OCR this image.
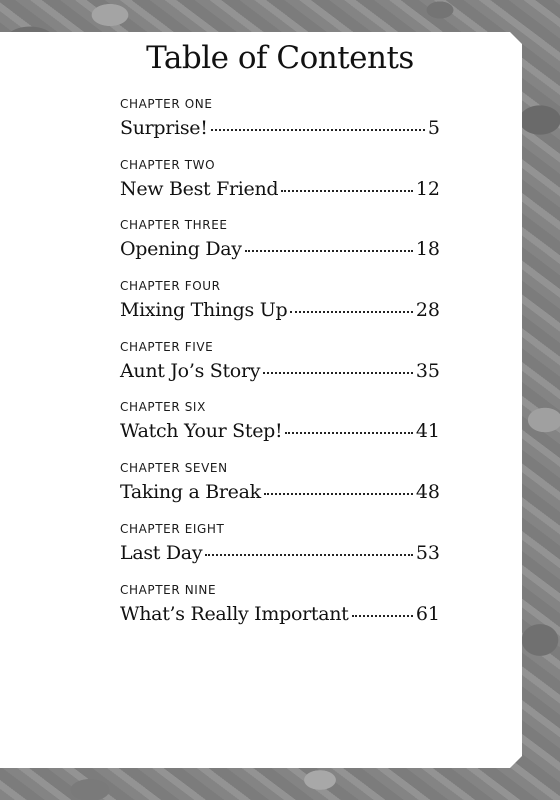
Table of Contents
CHAPTER ONE
Surprise!	5
CHAPTER TWO
New Best Friend	12
CHAPTER THREE
Opening Day	18
CHAPTER FOUR
Mixing Things Up	28
CHAPTER FIVE
Aunt Jo’s Story	35
CHAPTER SIX
Watch Your Step!	41
CHAPTER SEVEN
Taking a Break	48
CHAPTER EIGHT
Last Day	53
CHAPTER NINE
What’s Really Important	61
